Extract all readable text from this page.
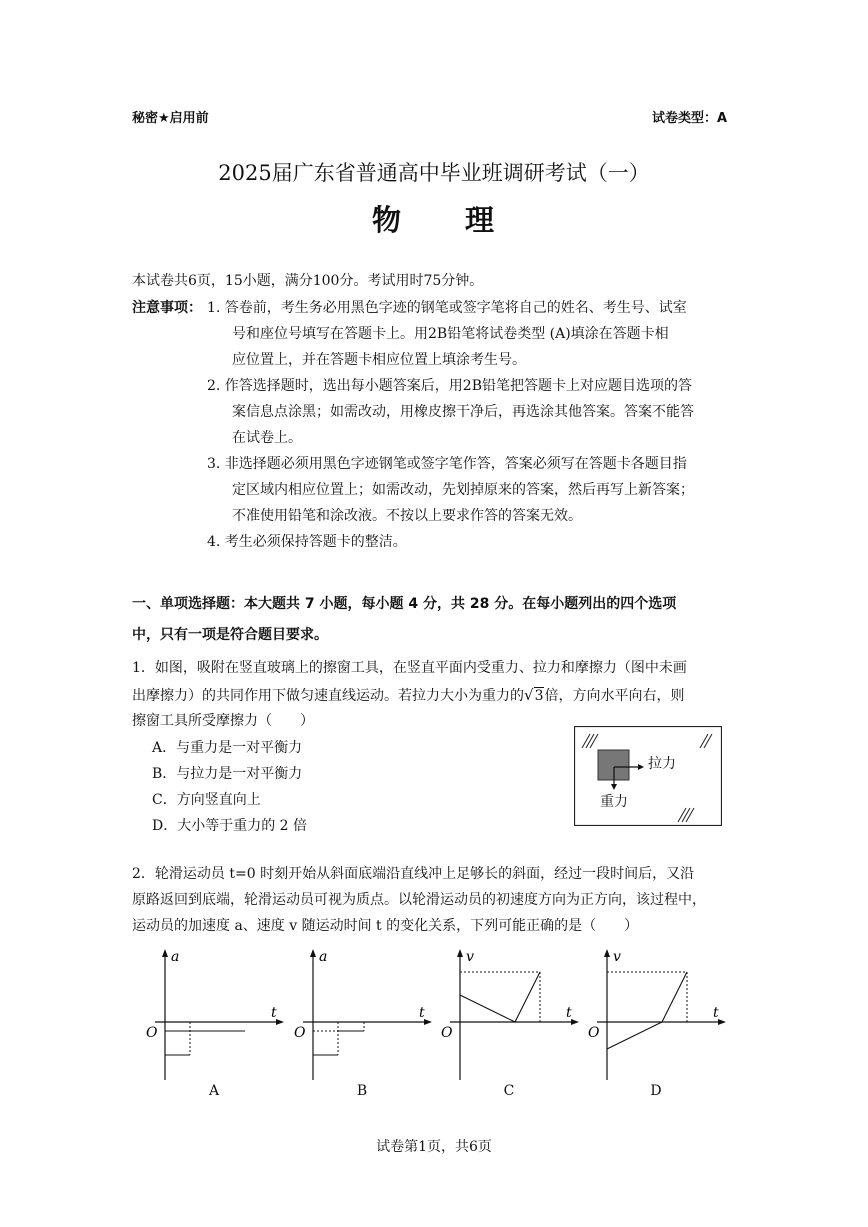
秘密★启用前	试卷类型：A
2025届广东省普通高中毕业班调研考试（一）
物　　理
本试卷共6页，15小题，满分100分。考试用时75分钟。
注意事项： 1. 答卷前，考生务必用黑色字迹的钢笔或签字笔将自己的姓名、考生号、试室
号和座位号填写在答题卡上。用2B铅笔将试卷类型 (A)填涂在答题卡相
应位置上，并在答题卡相应位置上填涂考生号。
2. 作答选择题时，选出每小题答案后，用2B铅笔把答题卡上对应题目选项的答
案信息点涂黑；如需改动，用橡皮擦干净后，再选涂其他答案。答案不能答
在试卷上。
3. 非选择题必须用黑色字迹钢笔或签字笔作答，答案必须写在答题卡各题目指
定区域内相应位置上；如需改动，先划掉原来的答案，然后再写上新答案；
不准使用铅笔和涂改液。不按以上要求作答的答案无效。
4. 考生必须保持答题卡的整洁。
一、单项选择题：本大题共 7 小题，每小题 4 分，共 28 分。在每小题列出的四个选项
中，只有一项是符合题目要求。
1．如图，吸附在竖直玻璃上的擦窗工具，在竖直平面内受重力、拉力和摩擦力（图中未画
出摩擦力）的共同作用下做匀速直线运动。若拉力大小为重力的√3倍，方向水平向右，则
擦窗工具所受摩擦力（　　）
A．与重力是一对平衡力
B．与拉力是一对平衡力
C．方向竖直向上
D．大小等于重力的 2 倍
拉力
重力
2．轮滑运动员 t=0 时刻开始从斜面底端沿直线冲上足够长的斜面，经过一段时间后，又沿
原路返回到底端，轮滑运动员可视为质点。以轮滑运动员的初速度方向为正方向，该过程中，
运动员的加速度 a、速度 v 随运动时间 t 的变化关系，下列可能正确的是（　　）
a
t
O
A
a
t
O
B
v
t
O
C
v
t
O
D
试卷第1页，共6页
